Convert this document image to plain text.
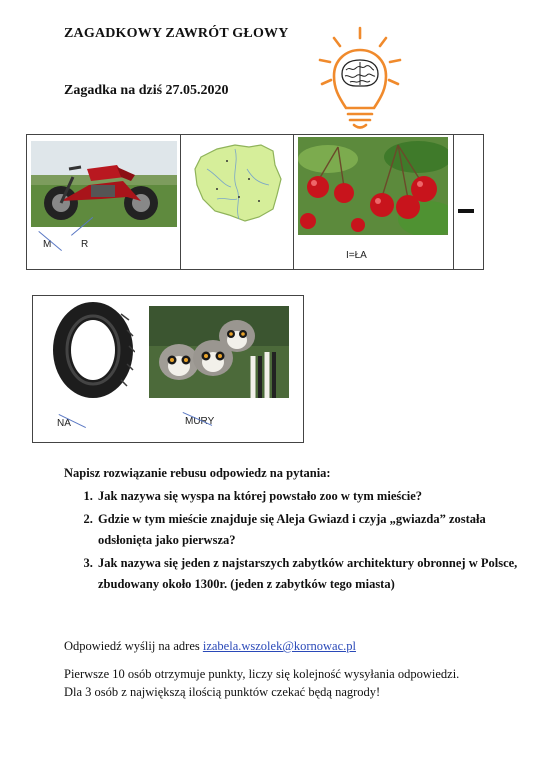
ZAGADKOWY ZAWRÓT GŁOWY
Zagadka na dziś 27.05.2020
M	R
I=ŁA
NA	MURY
Napisz rozwiązanie rebusu odpowiedz na pytania:
1. Jak nazywa się wyspa na której powstało zoo w tym mieście?
2. Gdzie w tym mieście znajduje się Aleja Gwiazd i czyja „gwiazda” została odsłonięta jako pierwsza?
3. Jak nazywa się jeden z najstarszych zabytków architektury obronnej w Polsce, zbudowany około 1300r. (jeden z zabytków tego miasta)
Odpowiedź wyślij na adres izabela.wszolek@kornowac.pl
Pierwsze 10 osób otrzymuje punkty, liczy się kolejność wysyłania odpowiedzi.
Dla 3 osób z największą ilością punktów czekać będą nagrody!
